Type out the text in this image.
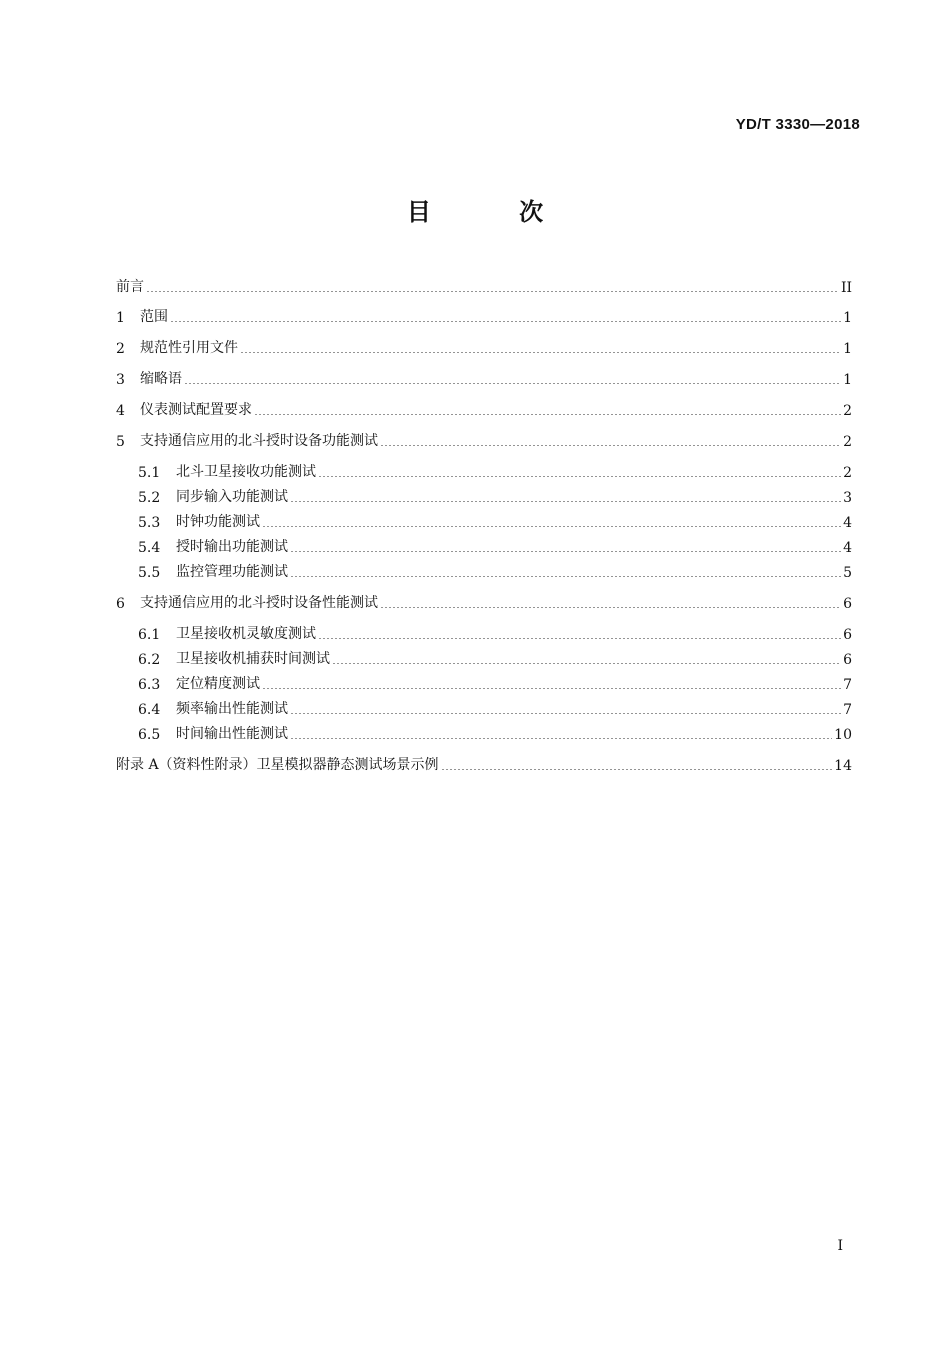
YD/T 3330—2018
目 次
前言	II
1	范围	1
2	规范性引用文件	1
3	缩略语	1
4	仪表测试配置要求	2
5	支持通信应用的北斗授时设备功能测试	2
5.1	北斗卫星接收功能测试	2
5.2	同步输入功能测试	3
5.3	时钟功能测试	4
5.4	授时输出功能测试	4
5.5	监控管理功能测试	5
6	支持通信应用的北斗授时设备性能测试	6
6.1	卫星接收机灵敏度测试	6
6.2	卫星接收机捕获时间测试	6
6.3	定位精度测试	7
6.4	频率输出性能测试	7
6.5	时间输出性能测试	10
附录 A（资料性附录）卫星模拟器静态测试场景示例	14
I
